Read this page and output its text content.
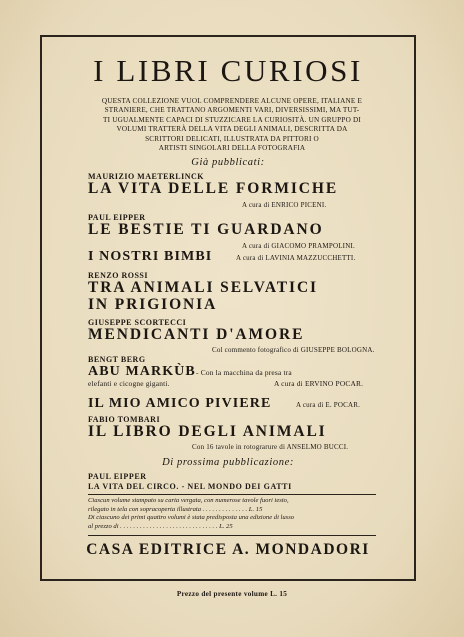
I LIBRI CURIOSI
QUESTA COLLEZIONE VUOL COMPRENDERE ALCUNE OPERE, ITALIANE E
STRANIERE, CHE TRATTANO ARGOMENTI VARI, DIVERSISSIMI, MA TUT-
TI UGUALMENTE CAPACI DI STUZZICARE LA CURIOSITÀ. UN GRUPPO DI
VOLUMI TRATTERÀ DELLA VITA DEGLI ANIMALI, DESCRITTA DA
SCRITTORI DELICATI, ILLUSTRATA DA PITTORI O
ARTISTI SINGOLARI DELLA FOTOGRAFIA
Già pubblicati:
MAURIZIO MAETERLINCK
LA VITA DELLE FORMICHE
A cura di ENRICO PICENI.
PAUL EIPPER
LE BESTIE TI GUARDANO
A cura di GIACOMO PRAMPOLINI.
I NOSTRI BIMBI	A cura di LAVINIA MAZZUCCHETTI.
RENZO ROSSI
TRA ANIMALI SELVATICI
IN PRIGIONIA
GIUSEPPE SCORTECCI
MENDICANTI D'AMORE
Col commento fotografico di GIUSEPPE BOLOGNA.
BENGT BERG
ABU MARKÙB - Con la macchina da presa tra
elefanti e cicogne giganti.	A cura di ERVINO POCAR.
IL MIO AMICO PIVIERE	A cura di E. POCAR.
FABIO TOMBARI
IL LIBRO DEGLI ANIMALI
Con 16 tavole in rotograrure di ANSELMO BUCCI.
Di prossima pubblicazione:
PAUL EIPPER
LA VITA DEL CIRCO. - NEL MONDO DEI GATTI
Ciascun volume stampato su carta vergata, con numerose tavole fuori testo,
rilegato in tela con sopracoperta illustrata . . . . . . . . . . . . . . L. 15
Di ciascuno dei primi quattro volumi è stata predisposta una edizione di lusso
al prezzo di . . . . . . . . . . . . . . . . . . . . . . . . . . . . . . L. 25
CASA EDITRICE A. MONDADORI
Prezzo del presente volume L. 15
